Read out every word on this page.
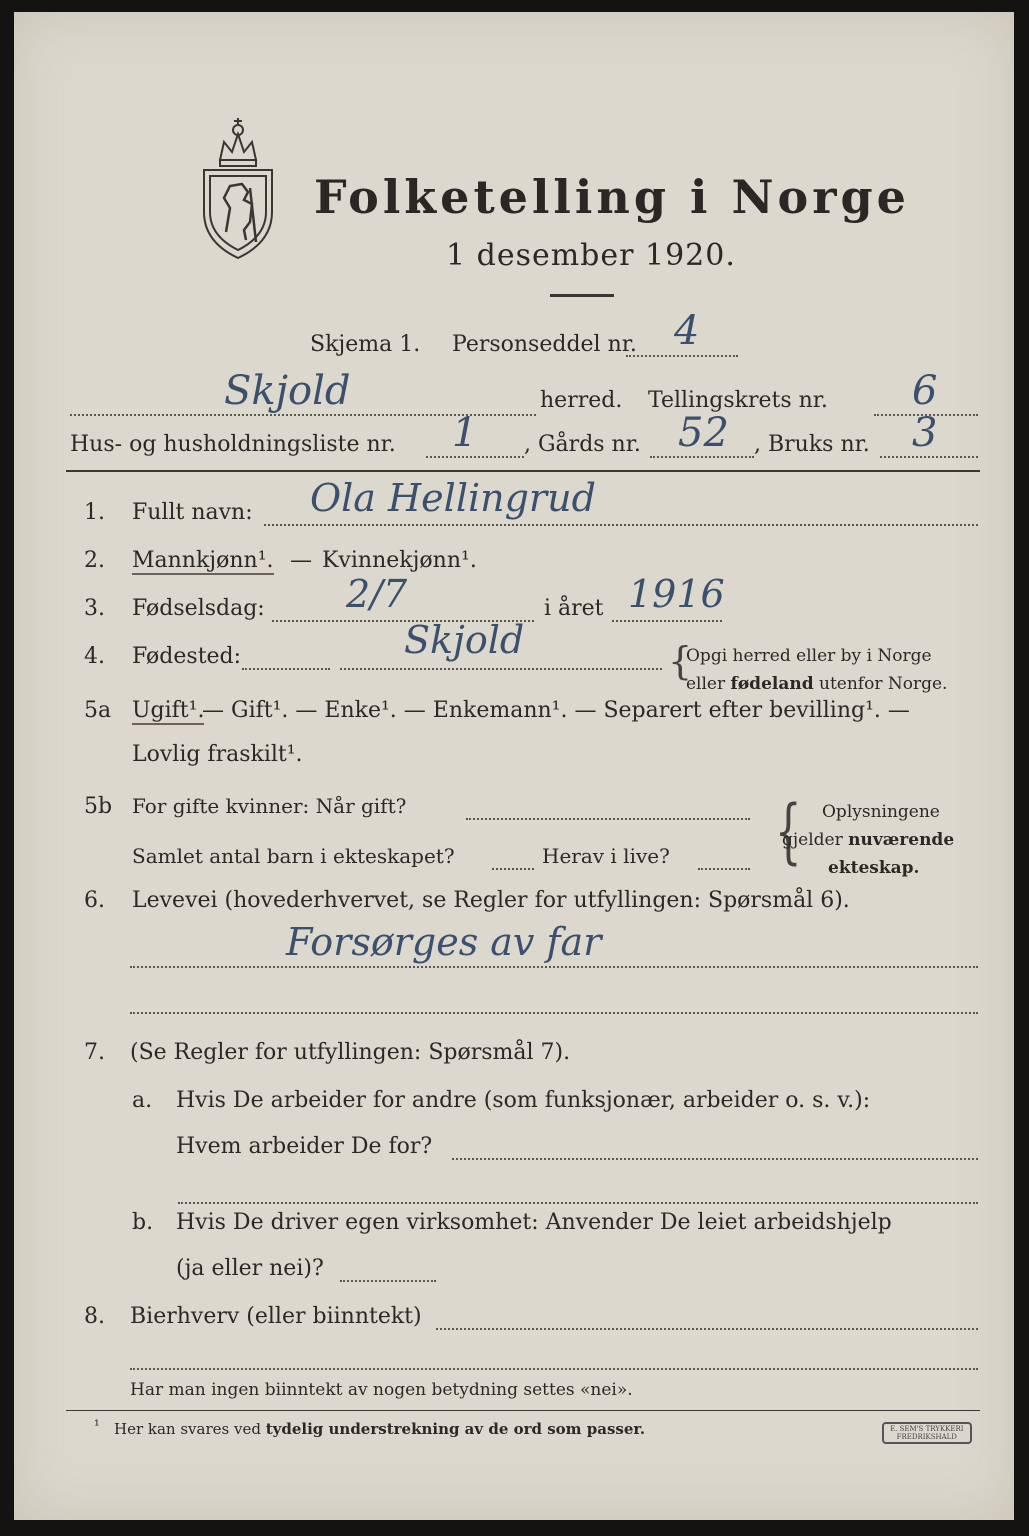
Folketelling i Norge
1 desember 1920.
Skjema 1. Personseddel nr. 4
Skjold	herred. Tellingskrets nr. 6
Hus- og husholdningsliste nr. 1 , Gårds nr. 52 , Bruks nr. 3
1. Fullt navn: Ola Hellingrud
2. Mannkjønn¹. — Kvinnekjønn¹.
3. Fødselsdag: 2/7	i året 1916
4. Fødested:	Skjold	{
Opgi herred eller by i Norge
eller fødeland utenfor Norge.
5a Ugift¹.
— Gift¹. — Enke¹. — Enkemann¹. — Separert efter bevilling¹. —
Lovlig fraskilt¹.
5b For gifte kvinner: Når gift?
Samlet antal barn i ekteskapet?	Herav i live? { Oplysningene
gjelder nuværende
ekteskap.
6. Levevei (hovederhvervet, se Regler for utfyllingen: Spørsmål 6).
Forsørges av far
7. (Se Regler for utfyllingen: Spørsmål 7).
a. Hvis De arbeider for andre (som funksjonær, arbeider o. s. v.):
Hvem arbeider De for?
b. Hvis De driver egen virksomhet: Anvender De leiet arbeidshjelp
(ja eller nei)?
8. Bierhverv (eller biinntekt)
Har man ingen biinntekt av nogen betydning settes «nei».
¹ Her kan svares ved tydelig understrekning av de ord som passer.	E. SEM'S TRYKKERI
FREDRIKSHALD
